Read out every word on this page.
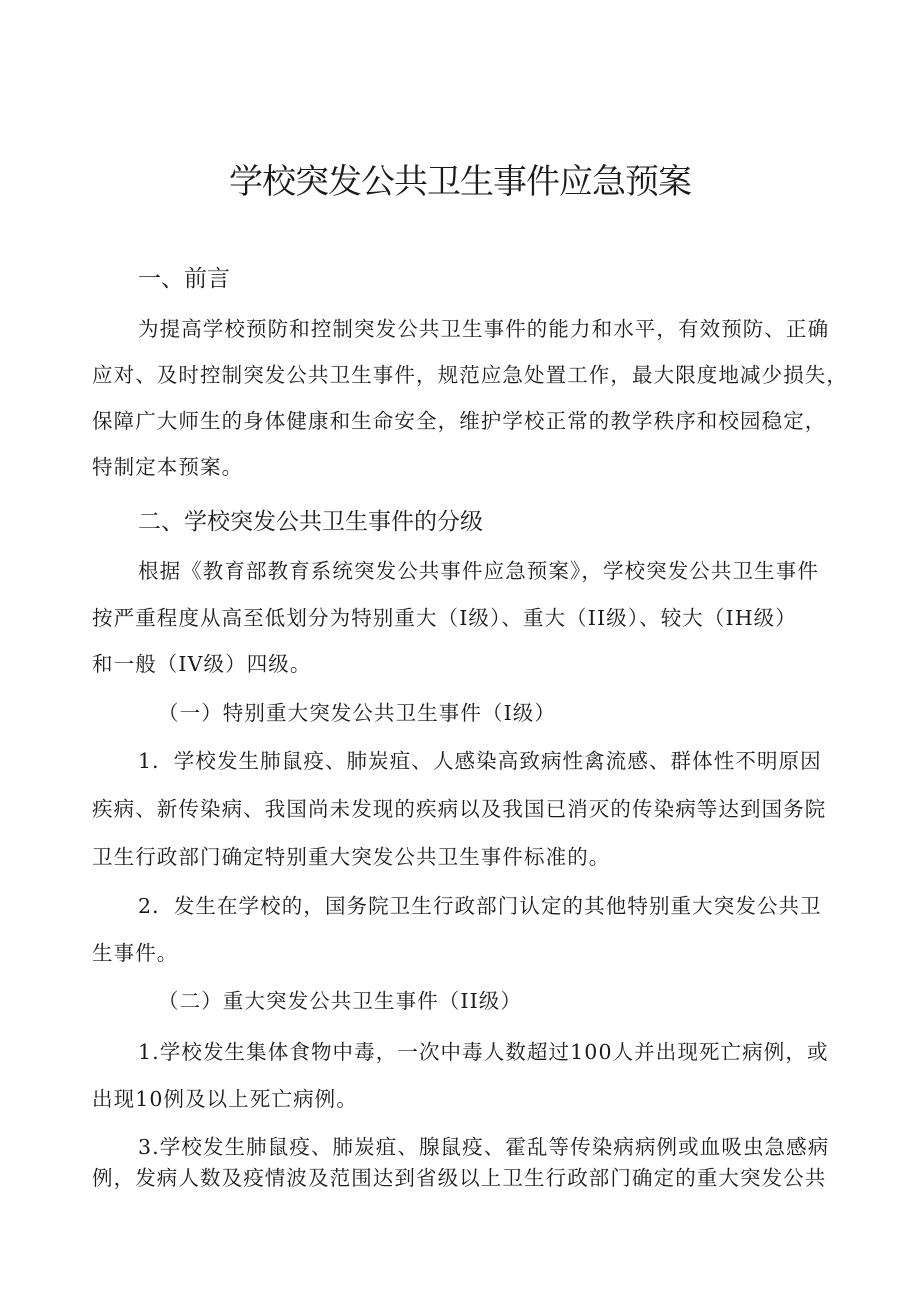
学校突发公共卫生事件应急预案
一、前言
为提高学校预防和控制突发公共卫生事件的能力和水平，有效预防、正确
应对、及时控制突发公共卫生事件，规范应急处置工作，最大限度地减少损失，
保障广大师生的身体健康和生命安全，维护学校正常的教学秩序和校园稳定，
特制定本预案。
二、学校突发公共卫生事件的分级
根据《教育部教育系统突发公共事件应急预案》，学校突发公共卫生事件
按严重程度从高至低划分为特别重大（I级）、重大（II级）、较大（IH级）
和一般（IV级）四级。
（一）特别重大突发公共卫生事件（I级）
1．学校发生肺鼠疫、肺炭疽、人感染高致病性禽流感、群体性不明原因
疾病、新传染病、我国尚未发现的疾病以及我国已消灭的传染病等达到国务院
卫生行政部门确定特别重大突发公共卫生事件标准的。
2．发生在学校的，国务院卫生行政部门认定的其他特别重大突发公共卫
生事件。
（二）重大突发公共卫生事件（II级）
1.学校发生集体食物中毒，一次中毒人数超过100人并出现死亡病例，或
出现10例及以上死亡病例。
3.学校发生肺鼠疫、肺炭疽、腺鼠疫、霍乱等传染病病例或血吸虫急感病
例，发病人数及疫情波及范围达到省级以上卫生行政部门确定的重大突发公共
